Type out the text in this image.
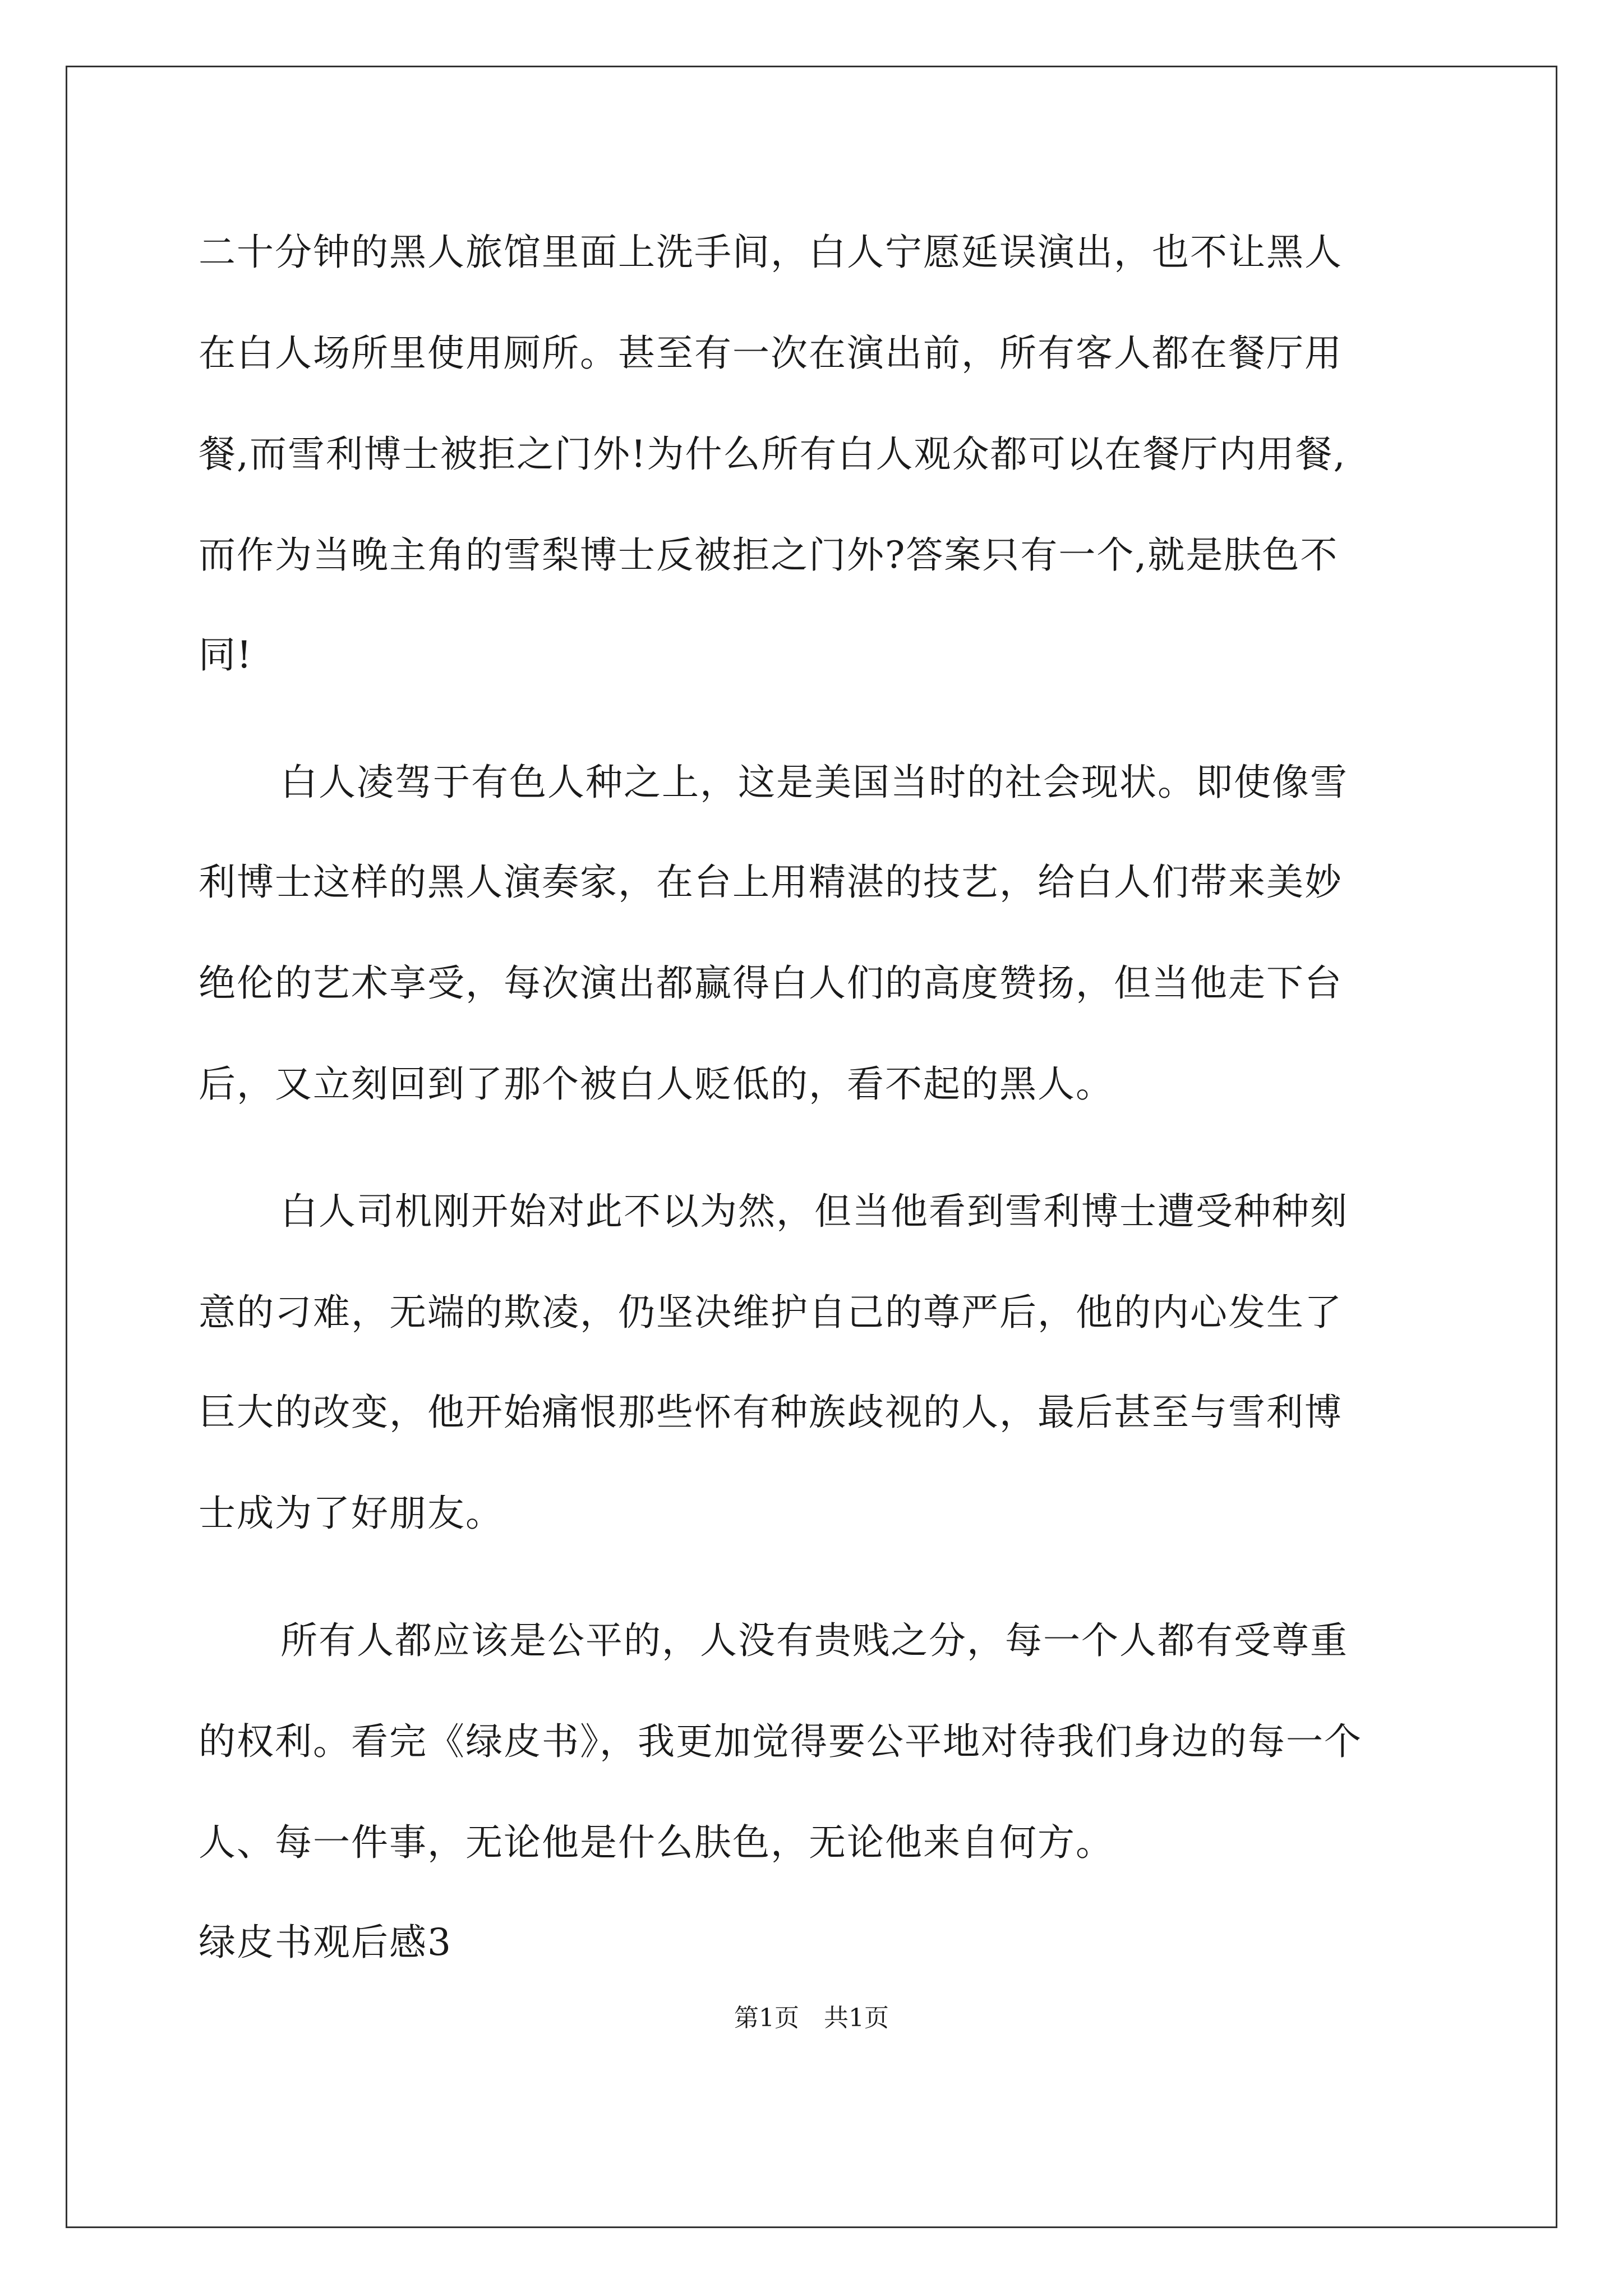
二十分钟的黑人旅馆里面上洗手间，白人宁愿延误演出，也不让黑人
在白人场所里使用厕所。甚至有一次在演出前，所有客人都在餐厅用
餐,而雪利博士被拒之门外!为什么所有白人观众都可以在餐厅内用餐,
而作为当晚主角的雪梨博士反被拒之门外?答案只有一个,就是肤色不
同!
白人凌驾于有色人种之上，这是美国当时的社会现状。即使像雪
利博士这样的黑人演奏家，在台上用精湛的技艺，给白人们带来美妙
绝伦的艺术享受，每次演出都赢得白人们的高度赞扬，但当他走下台
后，又立刻回到了那个被白人贬低的，看不起的黑人。
白人司机刚开始对此不以为然，但当他看到雪利博士遭受种种刻
意的刁难，无端的欺凌，仍坚决维护自己的尊严后，他的内心发生了
巨大的改变，他开始痛恨那些怀有种族歧视的人，最后甚至与雪利博
士成为了好朋友。
所有人都应该是公平的，人没有贵贱之分，每一个人都有受尊重
的权利。看完《绿皮书》，我更加觉得要公平地对待我们身边的每一个
人、每一件事，无论他是什么肤色，无论他来自何方。
绿皮书观后感3
第1页 共1页
